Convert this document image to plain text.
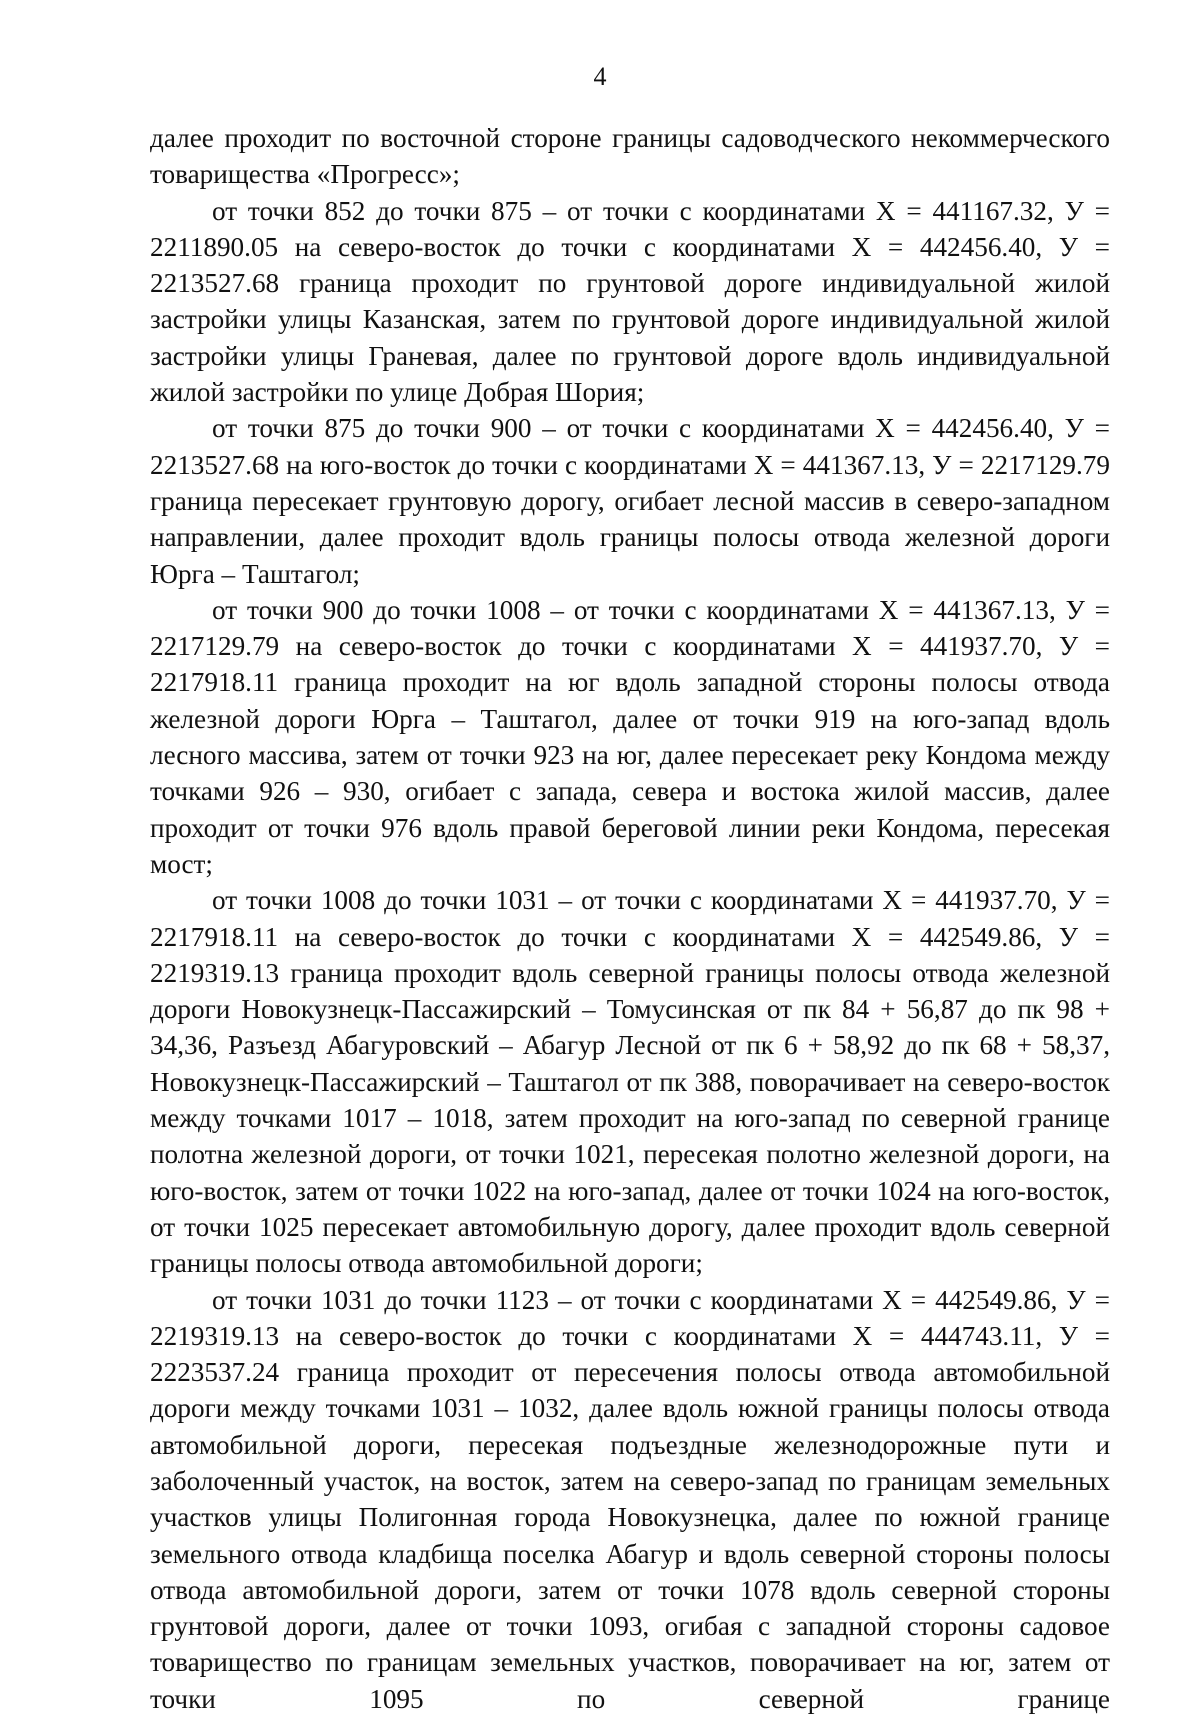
4

далее проходит по восточной стороне границы садоводческого некоммерческого товарищества «Прогресс»;

от точки 852 до точки 875 – от точки с координатами Х = 441167.32, У = 2211890.05 на северо-восток до точки с координатами Х = 442456.40, У = 2213527.68 граница проходит по грунтовой дороге индивидуальной жилой застройки улицы Казанская, затем по грунтовой дороге индивидуальной жилой застройки улицы Граневая, далее по грунтовой дороге вдоль индивидуальной жилой застройки по улице Добрая Шория;

от точки 875 до точки 900 – от точки с координатами Х = 442456.40, У = 2213527.68 на юго-восток до точки с координатами Х = 441367.13, У = 2217129.79 граница пересекает грунтовую дорогу, огибает лесной массив в северо-западном направлении, далее проходит вдоль границы полосы отвода железной дороги Юрга – Таштагол;

от точки 900 до точки 1008 – от точки с координатами Х = 441367.13, У = 2217129.79 на северо-восток до точки с координатами Х = 441937.70, У = 2217918.11 граница проходит на юг вдоль западной стороны полосы отвода железной дороги Юрга – Таштагол, далее от точки 919 на юго-запад вдоль лесного массива, затем от точки 923 на юг, далее пересекает реку Кондома между точками 926 – 930, огибает с запада, севера и востока жилой массив, далее проходит от точки 976 вдоль правой береговой линии реки Кондома, пересекая мост;

от точки 1008 до точки 1031 – от точки с координатами Х = 441937.70, У = 2217918.11 на северо-восток до точки с координатами Х = 442549.86, У = 2219319.13 граница проходит вдоль северной границы полосы отвода железной дороги Новокузнецк-Пассажирский – Томусинская от пк 84 + 56,87 до пк 98 + 34,36, Разъезд Абагуровский – Абагур Лесной от пк 6 + 58,92 до пк 68 + 58,37, Новокузнецк-Пассажирский – Таштагол от пк 388, поворачивает на северо-восток между точками 1017 – 1018, затем проходит на юго-запад по северной границе полотна железной дороги, от точки 1021, пересекая полотно железной дороги, на юго-восток, затем от точки 1022 на юго-запад, далее от точки 1024 на юго-восток, от точки 1025 пересекает автомобильную дорогу, далее проходит вдоль северной границы полосы отвода автомобильной дороги;

от точки 1031 до точки 1123 – от точки с координатами Х = 442549.86, У = 2219319.13 на северо-восток до точки с координатами Х = 444743.11, У = 2223537.24 граница проходит от пересечения полосы отвода автомобильной дороги между точками 1031 – 1032, далее вдоль южной границы полосы отвода автомобильной дороги, пересекая подъездные железнодорожные пути и заболоченный участок, на восток, затем на северо-запад по границам земельных участков улицы Полигонная города Новокузнецка, далее по южной границе земельного отвода кладбища поселка Абагур и вдоль северной стороны полосы отвода автомобильной дороги, затем от точки 1078 вдоль северной стороны грунтовой дороги, далее от точки 1093, огибая с западной стороны садовое товарищество по границам земельных участков, поворачивает на юг, затем от точки 1095 по северной границе
